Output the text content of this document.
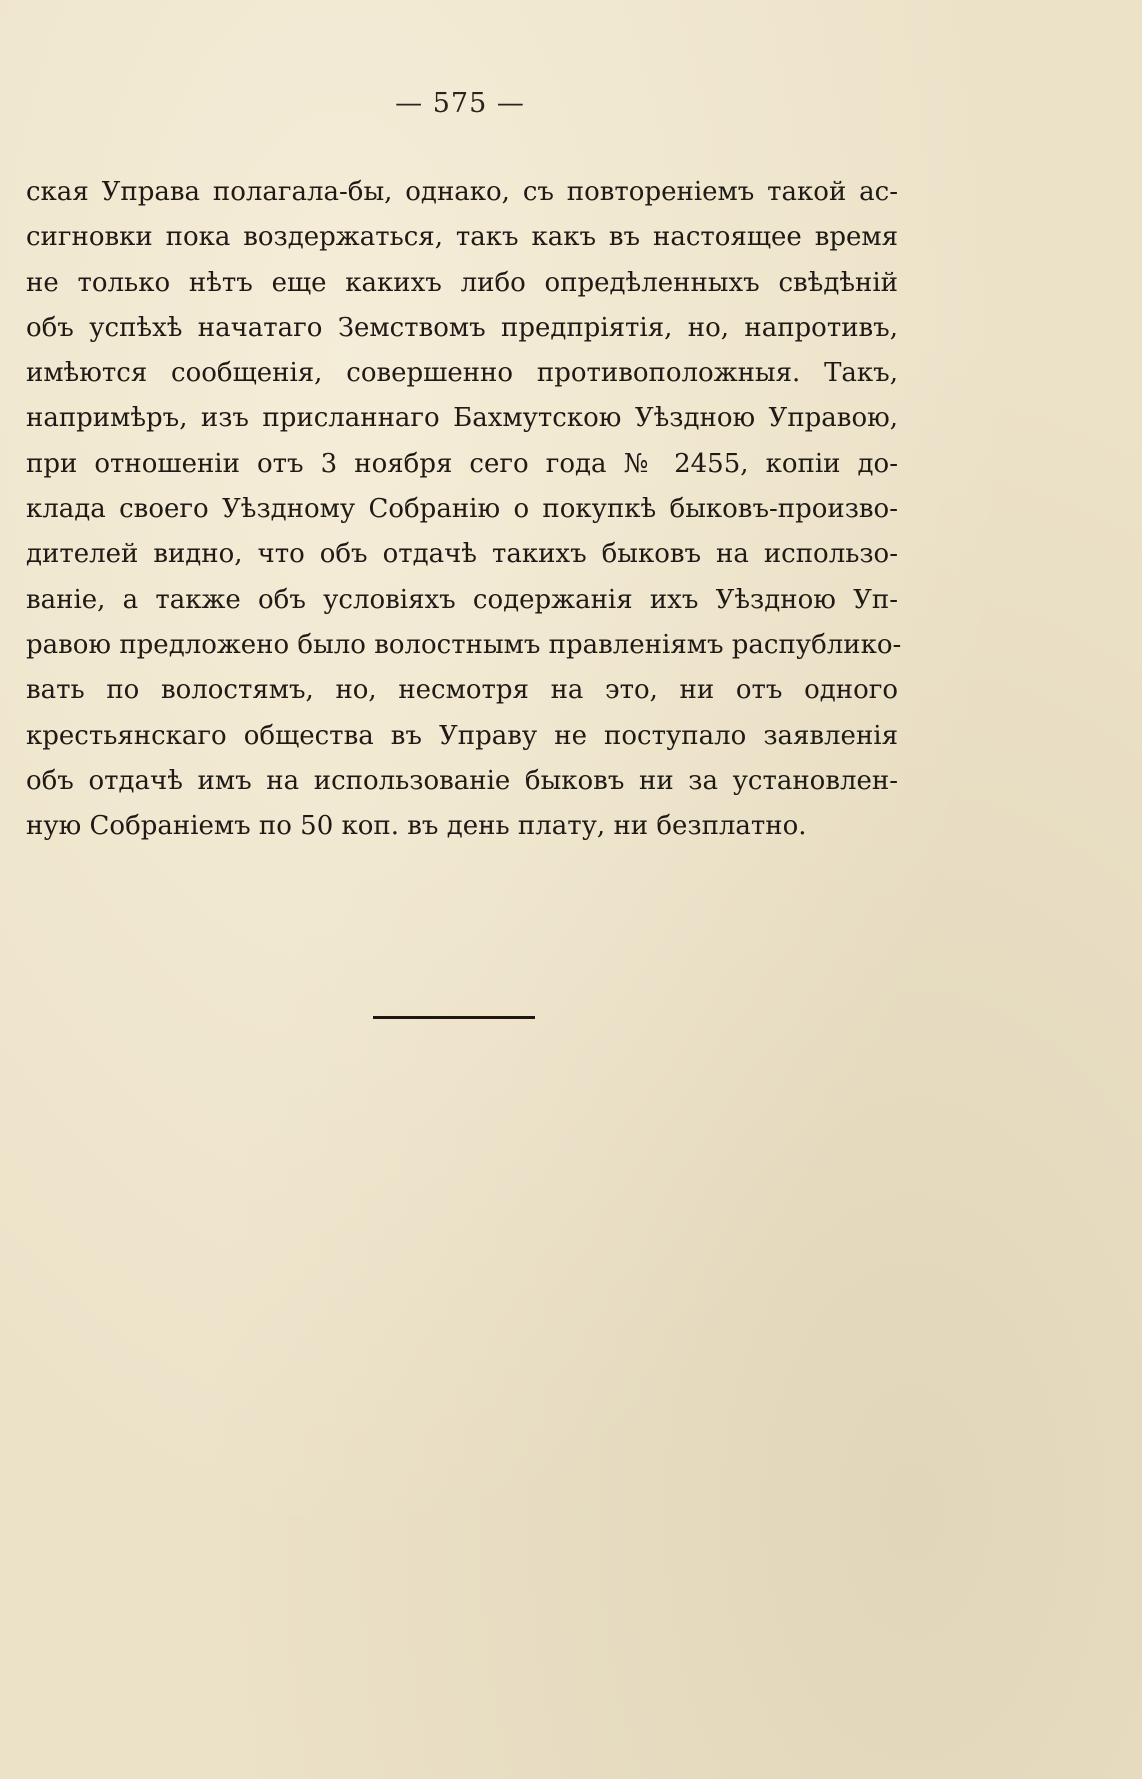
— 575 —
ская Управа полагала-бы, однако, съ повтореніемъ такой ас-
сигновки пока воздержаться, такъ какъ въ настоящее время
не только нѣтъ еще какихъ либо опредѣленныхъ свѣдѣній
объ успѣхѣ начатаго Земствомъ предпріятія, но, напротивъ,
имѣются сообщенія, совершенно противоположныя. Такъ,
напримѣръ, изъ присланнаго Бахмутскою Уѣздною Управою,
при отношеніи отъ 3 ноября сего года № 2455, копіи до-
клада своего Уѣздному Собранію о покупкѣ быковъ-произво-
дителей видно, что объ отдачѣ такихъ быковъ на использо-
ваніе, а также объ условіяхъ содержанія ихъ Уѣздною Уп-
равою предложено было волостнымъ правленіямъ распублико-
вать по волостямъ, но, несмотря на это, ни отъ одного
крестьянскаго общества въ Управу не поступало заявленія
объ отдачѣ имъ на использованіе быковъ ни за установлен-
ную Собраніемъ по 50 коп. въ день плату, ни безплатно.
